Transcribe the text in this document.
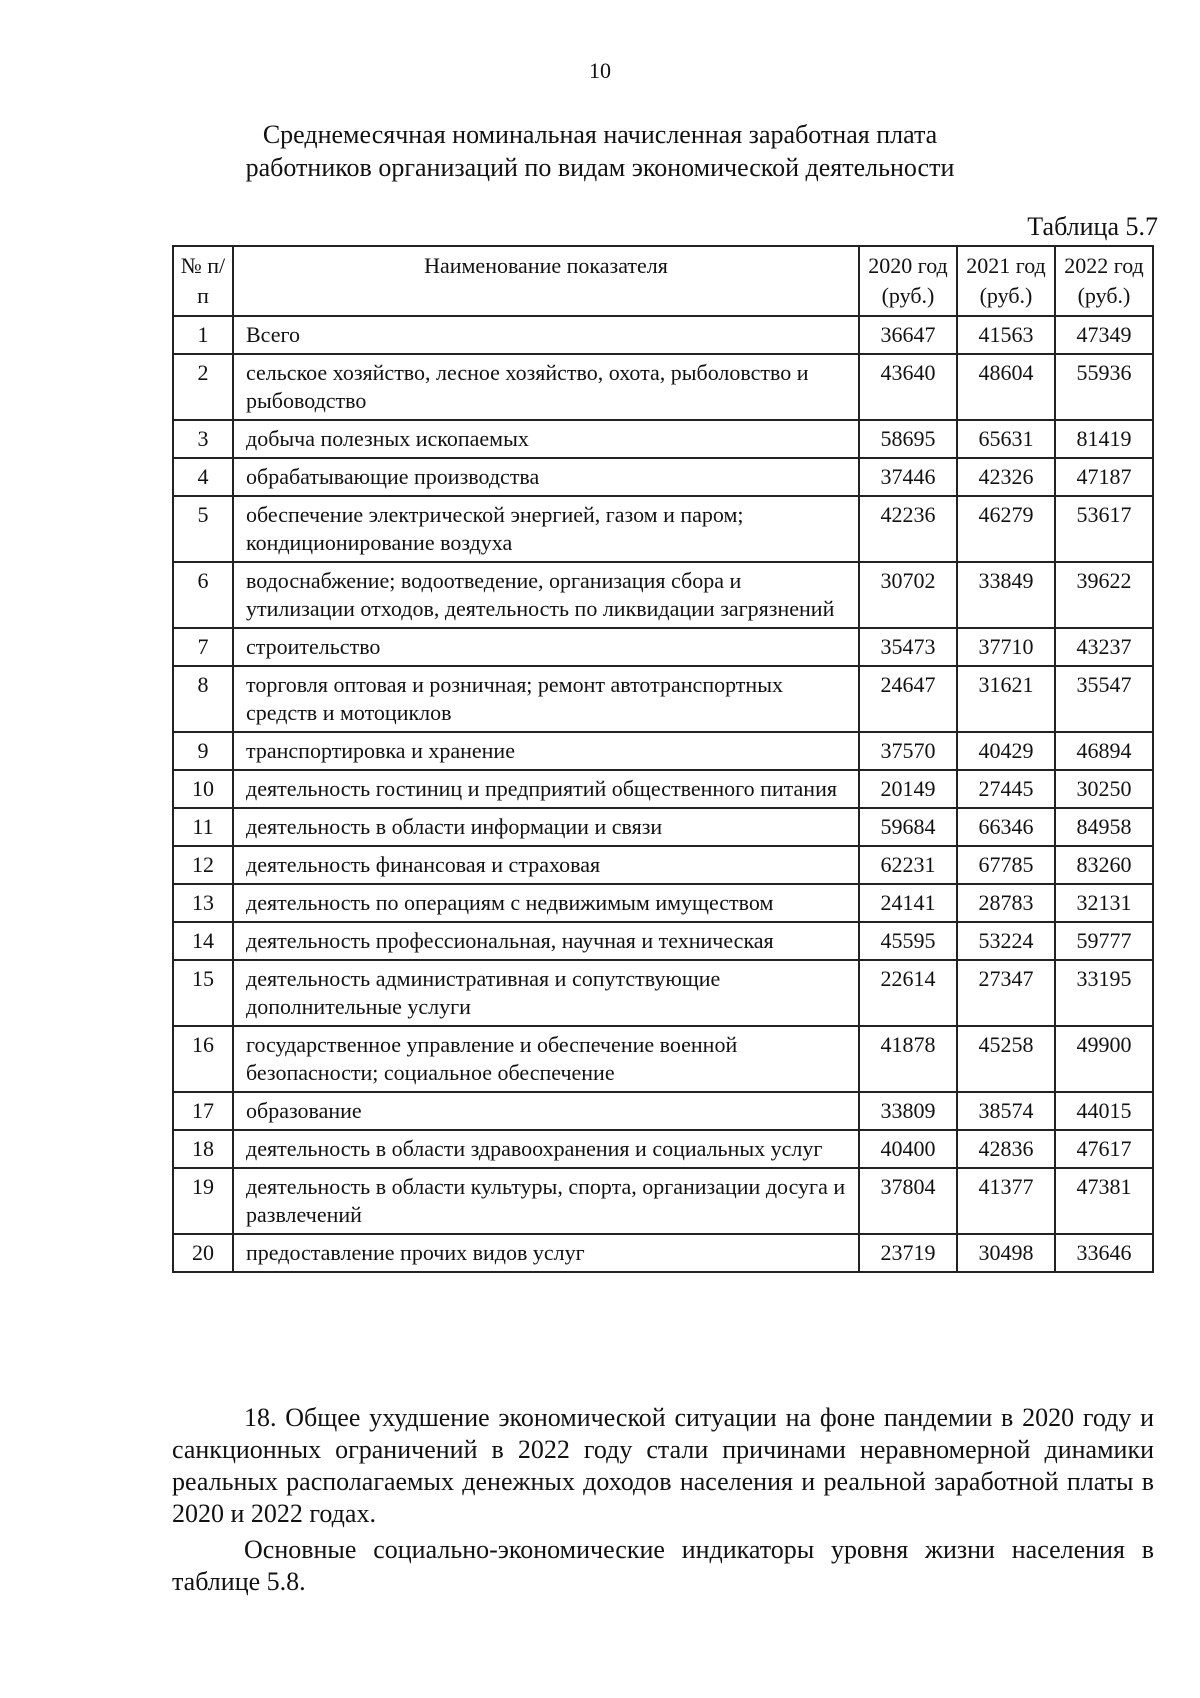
10
Среднемесячная номинальная начисленная заработная плата
работников организаций по видам экономической деятельности
Таблица 5.7
№ п/п	Наименование показателя	2020 год (руб.)	2021 год (руб.)	2022 год (руб.)
1	Всего	36647	41563	47349
2	сельское хозяйство, лесное хозяйство, охота, рыболовство и рыбоводство	43640	48604	55936
3	добыча полезных ископаемых	58695	65631	81419
4	обрабатывающие производства	37446	42326	47187
5	обеспечение электрической энергией, газом и паром; кондиционирование воздуха	42236	46279	53617
6	водоснабжение; водоотведение, организация сбора и утилизации отходов, деятельность по ликвидации загрязнений	30702	33849	39622
7	строительство	35473	37710	43237
8	торговля оптовая и розничная; ремонт автотранспортных средств и мотоциклов	24647	31621	35547
9	транспортировка и хранение	37570	40429	46894
10	деятельность гостиниц и предприятий общественного питания	20149	27445	30250
11	деятельность в области информации и связи	59684	66346	84958
12	деятельность финансовая и страховая	62231	67785	83260
13	деятельность по операциям с недвижимым имуществом	24141	28783	32131
14	деятельность профессиональная, научная и техническая	45595	53224	59777
15	деятельность административная и сопутствующие дополнительные услуги	22614	27347	33195
16	государственное управление и обеспечение военной безопасности; социальное обеспечение	41878	45258	49900
17	образование	33809	38574	44015
18	деятельность в области здравоохранения и социальных услуг	40400	42836	47617
19	деятельность в области культуры, спорта, организации досуга и развлечений	37804	41377	47381
20	предоставление прочих видов услуг	23719	30498	33646
18. Общее ухудшение экономической ситуации на фоне пандемии в 2020 году и санкционных ограничений в 2022 году стали причинами неравномерной динамики реальных располагаемых денежных доходов населения и реальной заработной платы в 2020 и 2022 годах.
Основные социально-экономические индикаторы уровня жизни населения в таблице 5.8.
